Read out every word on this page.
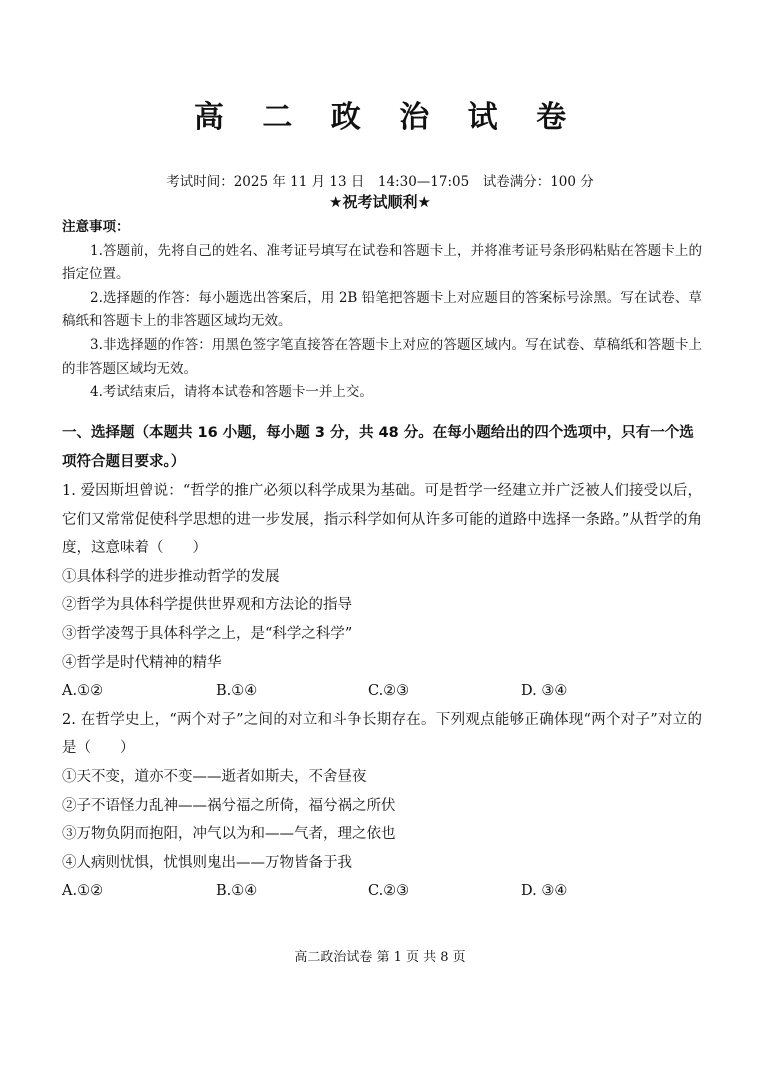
高 二 政 治 试 卷
考试时间：2025 年 11 月 13 日　14:30—17:05　试卷满分：100 分
★祝考试顺利★
注意事项：
1.答题前，先将自己的姓名、准考证号填写在试卷和答题卡上，并将准考证号条形码粘贴在答题卡上的指定位置。
2.选择题的作答：每小题选出答案后，用 2B 铅笔把答题卡上对应题目的答案标号涂黑。写在试卷、草稿纸和答题卡上的非答题区域均无效。
3.非选择题的作答：用黑色签字笔直接答在答题卡上对应的答题区域内。写在试卷、草稿纸和答题卡上的非答题区域均无效。
4.考试结束后，请将本试卷和答题卡一并上交。
一、选择题（本题共 16 小题，每小题 3 分，共 48 分。在每小题给出的四个选项中，只有一个选项符合题目要求。）
1. 爱因斯坦曾说：“哲学的推广必须以科学成果为基础。可是哲学一经建立并广泛被人们接受以后，它们又常常促使科学思想的进一步发展，指示科学如何从许多可能的道路中选择一条路。”从哲学的角度，这意味着（　　）
①具体科学的进步推动哲学的发展
②哲学为具体科学提供世界观和方法论的指导
③哲学凌驾于具体科学之上，是“科学之科学”
④哲学是时代精神的精华
A.①②	B.①④	C.②③	D. ③④
2. 在哲学史上，“两个对子”之间的对立和斗争长期存在。下列观点能够正确体现“两个对子”对立的是（　　）
①天不变，道亦不变——逝者如斯夫，不舍昼夜
②子不语怪力乱神——祸兮福之所倚，福兮祸之所伏
③万物负阴而抱阳，冲气以为和——气者，理之依也
④人病则忧惧，忧惧则鬼出——万物皆备于我
A.①②	B.①④	C.②③	D. ③④
高二政治试卷 第 1 页 共 8 页
